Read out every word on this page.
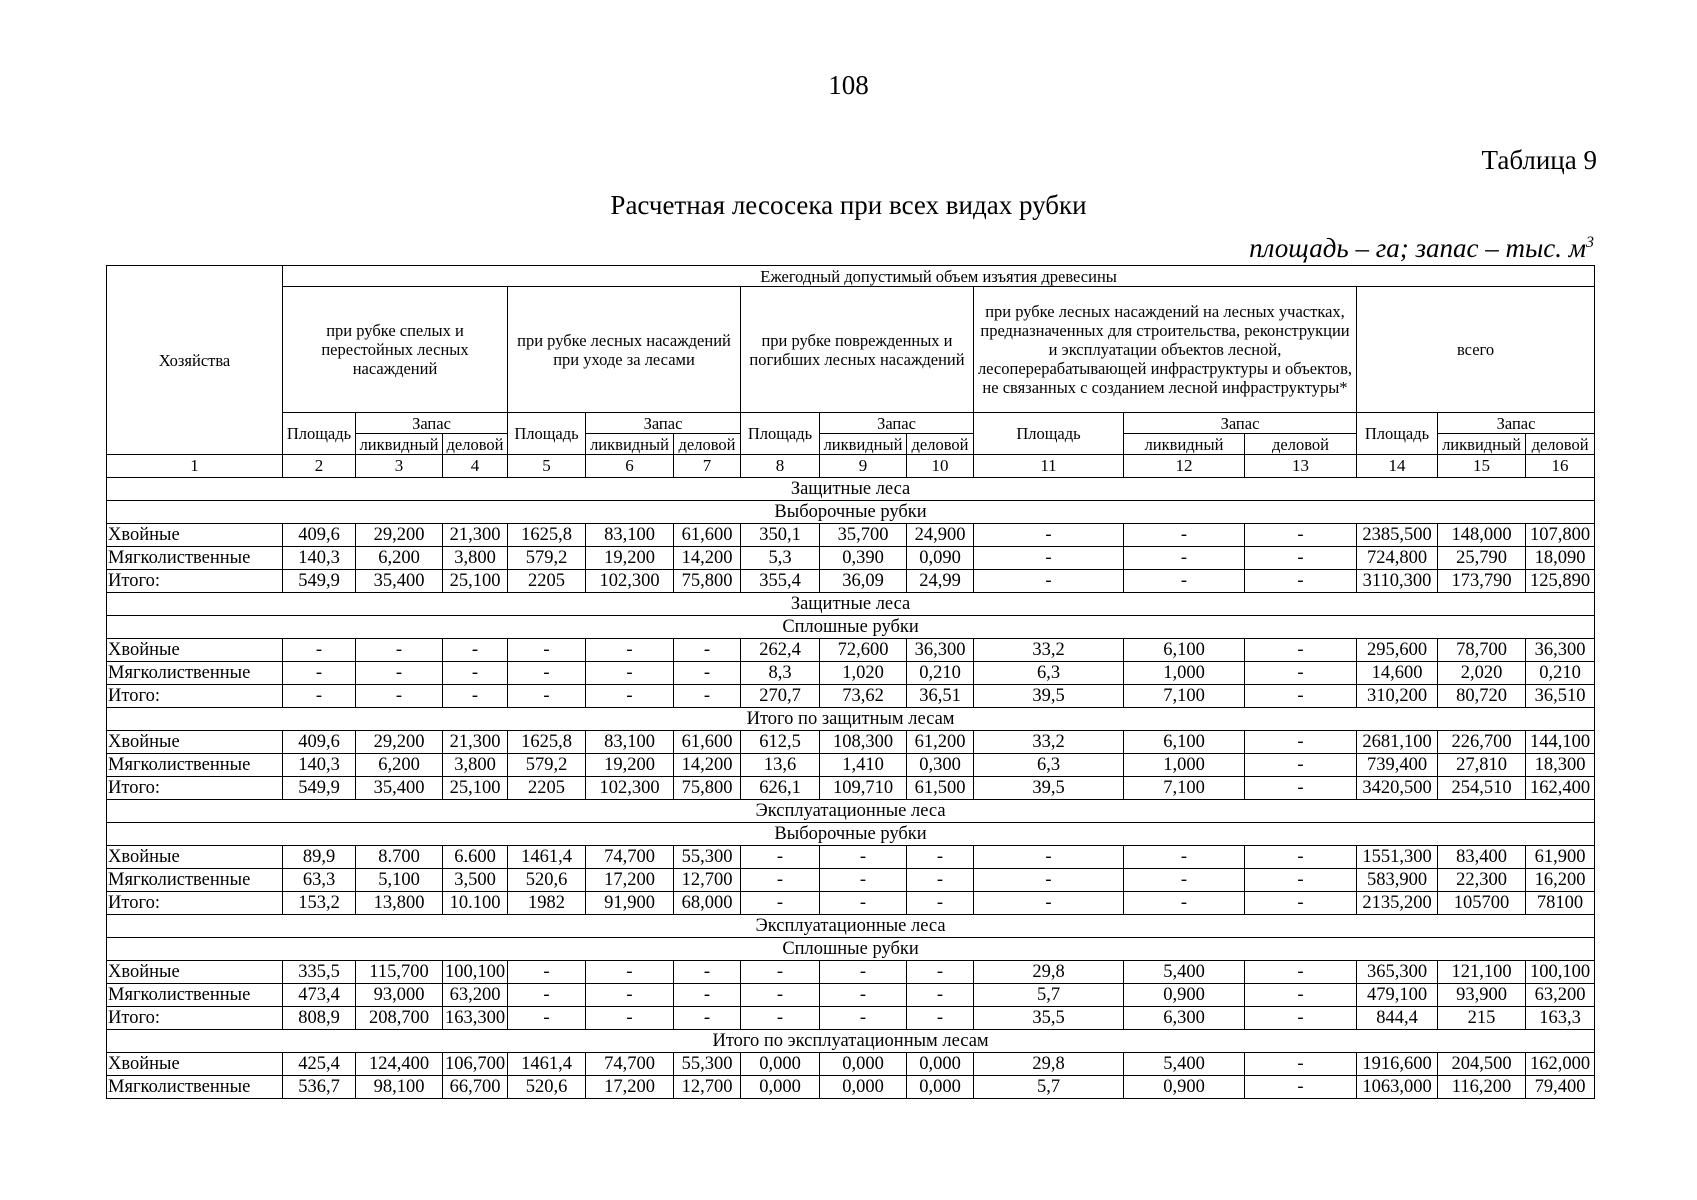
108
Таблица 9
Расчетная лесосека при всех видах рубки
площадь – га; запас – тыс. $м^3$
Хозяйства	Ежегодный допустимый объем изъятия древесины														
	при рубке спелых и перестойных лесных насаждений			при рубке лесных насаждений при уходе за лесами			при рубке поврежденных и погибших лесных насаждений			при рубке лесных насаждений на лесных участках, предназначенных для строительства, реконструкции и эксплуатации объектов лесной, лесоперерабатывающей инфраструктуры и объектов, не связанных с созданием лесной инфраструктуры*			всего		
	Площадь	Запас		Площадь	Запас		Площадь	Запас		Площадь	Запас		Площадь	Запас	
		ликвидный	деловой		ликвидный	деловой		ликвидный	деловой		ликвидный	деловой		ликвидный	деловой
1	2	3	4	5	6	7	8	9	10	11	12	13	14	15	16
Защитные леса															
Выборочные рубки															
Хвойные	409,6	29,200	21,300	1625,8	83,100	61,600	350,1	35,700	24,900	-	-	-	2385,500	148,000	107,800
Мягколиственные	140,3	6,200	3,800	579,2	19,200	14,200	5,3	0,390	0,090	-	-	-	724,800	25,790	18,090
Итого:	549,9	35,400	25,100	2205	102,300	75,800	355,4	36,09	24,99	-	-	-	3110,300	173,790	125,890
Защитные леса															
Сплошные рубки															
Хвойные	-	-	-	-	-	-	262,4	72,600	36,300	33,2	6,100	-	295,600	78,700	36,300
Мягколиственные	-	-	-	-	-	-	8,3	1,020	0,210	6,3	1,000	-	14,600	2,020	0,210
Итого:	-	-	-	-	-	-	270,7	73,62	36,51	39,5	7,100	-	310,200	80,720	36,510
Итого по защитным лесам															
Хвойные	409,6	29,200	21,300	1625,8	83,100	61,600	612,5	108,300	61,200	33,2	6,100	-	2681,100	226,700	144,100
Мягколиственные	140,3	6,200	3,800	579,2	19,200	14,200	13,6	1,410	0,300	6,3	1,000	-	739,400	27,810	18,300
Итого:	549,9	35,400	25,100	2205	102,300	75,800	626,1	109,710	61,500	39,5	7,100	-	3420,500	254,510	162,400
Эксплуатационные леса															
Выборочные рубки															
Хвойные	89,9	8.700	6.600	1461,4	74,700	55,300	-	-	-	-	-	-	1551,300	83,400	61,900
Мягколиственные	63,3	5,100	3,500	520,6	17,200	12,700	-	-	-	-	-	-	583,900	22,300	16,200
Итого:	153,2	13,800	10.100	1982	91,900	68,000	-	-	-	-	-	-	2135,200	105700	78100
Эксплуатационные леса															
Сплошные рубки															
Хвойные	335,5	115,700	100,100	-	-	-	-	-	-	29,8	5,400	-	365,300	121,100	100,100
Мягколиственные	473,4	93,000	63,200	-	-	-	-	-	-	5,7	0,900	-	479,100	93,900	63,200
Итого:	808,9	208,700	163,300	-	-	-	-	-	-	35,5	6,300	-	844,4	215	163,3
Итого по эксплуатационным лесам															
Хвойные	425,4	124,400	106,700	1461,4	74,700	55,300	0,000	0,000	0,000	29,8	5,400	-	1916,600	204,500	162,000
Мягколиственные	536,7	98,100	66,700	520,6	17,200	12,700	0,000	0,000	0,000	5,7	0,900	-	1063,000	116,200	79,400
